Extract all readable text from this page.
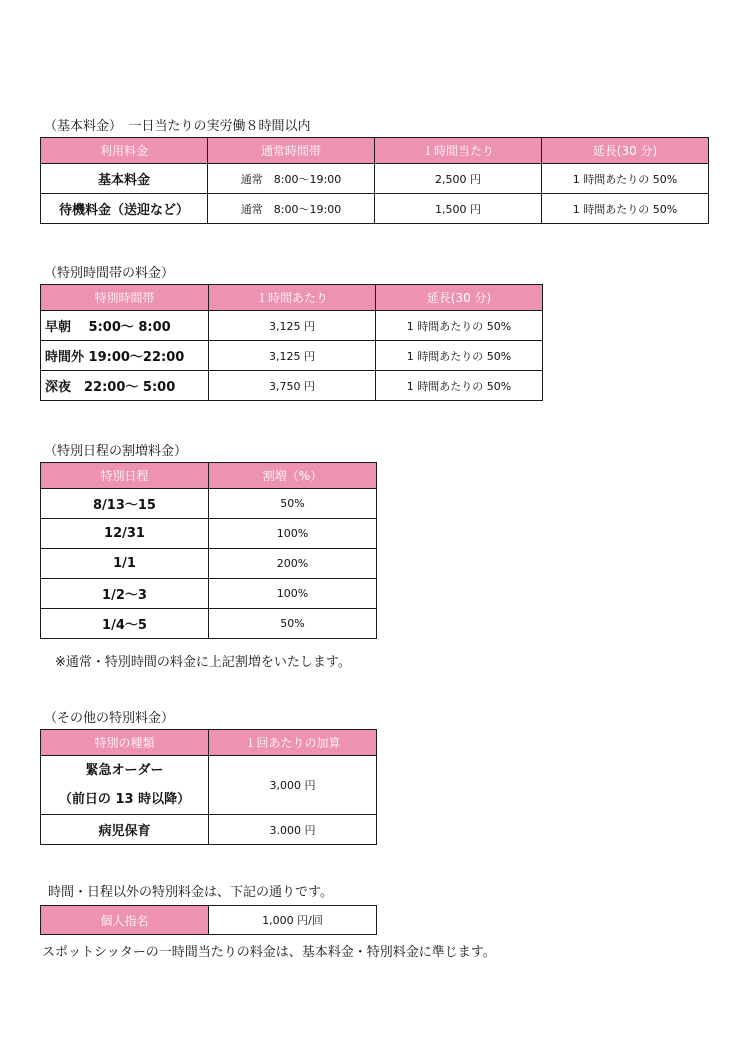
（基本料金）　一日当たりの実労働８時間以内
利用料金	通常時間帯	１時間当たり	延長(30 分)
基本料金	通常　8:00～19:00	2,500 円	1 時間あたりの 50%
待機料金（送迎など）	通常　8:00～19:00	1,500 円	1 時間あたりの 50%
（特別時間帯の料金）
特別時間帯	１時間あたり	延長(30 分)
早朝　 5:00～ 8:00	3,125 円	1 時間あたりの 50%
時間外 19:00～22:00	3,125 円	1 時間あたりの 50%
深夜　22:00～ 5:00	3,750 円	1 時間あたりの 50%
（特別日程の割増料金）
特別日程	割増（%）
8/13～15	50%
12/31	100%
1/1	200%
1/2～3	100%
1/4～5	50%
※通常・特別時間の料金に上記割増をいたします。
（その他の特別料金）
特別の種類	１回あたりの加算

緊急オーダー
（前日の 13 時以降）	3,000 円
病児保育	3.000 円
時間・日程以外の特別料金は、下記の通りです。
個人指名	1,000 円/回
スポットシッターの一時間当たりの料金は、基本料金・特別料金に準じます。
